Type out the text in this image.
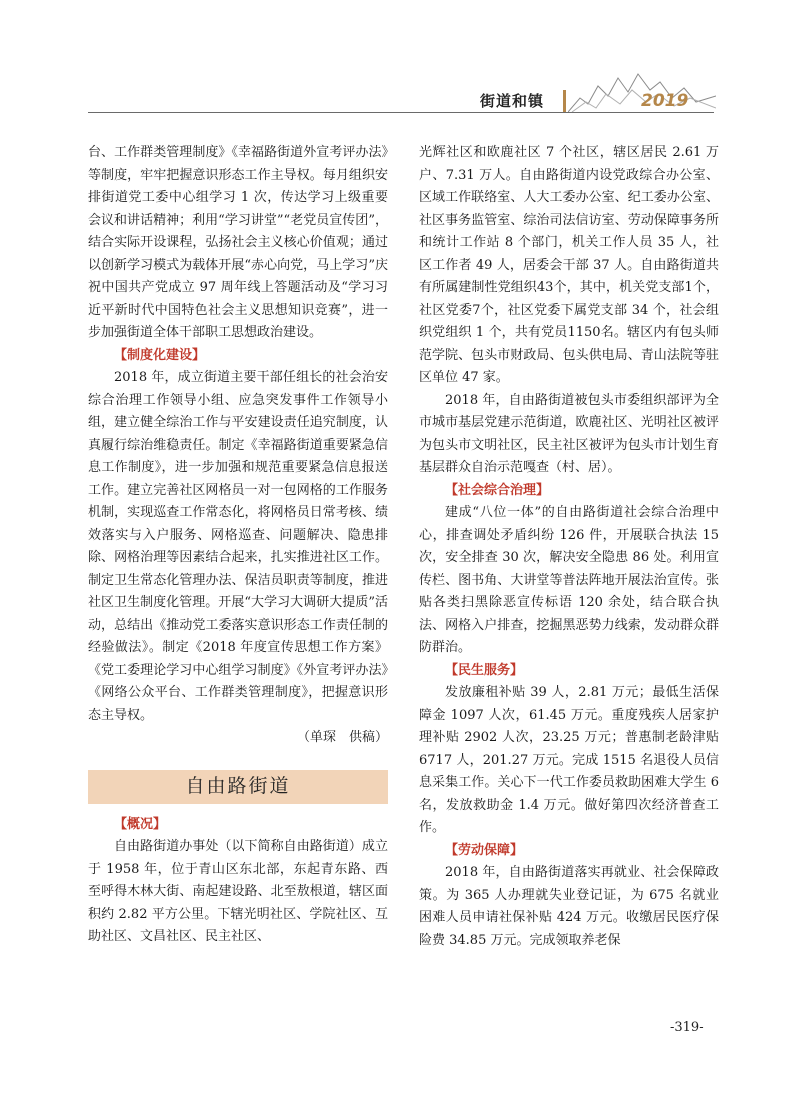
街道和镇	2019

台、工作群类管理制度》《幸福路街道外宣考评办法》等制度，牢牢把握意识形态工作主导权。每月组织安排街道党工委中心组学习 1 次，传达学习上级重要会议和讲话精神；利用“学习讲堂”“老党员宣传团”，结合实际开设课程，弘扬社会主义核心价值观；通过以创新学习模式为载体开展“赤心向党，马上学习”庆祝中国共产党成立 97 周年线上答题活动及“学习习近平新时代中国特色社会主义思想知识竞赛”，进一步加强街道全体干部职工思想政治建设。

【制度化建设】

2018 年，成立街道主要干部任组长的社会治安综合治理工作领导小组、应急突发事件工作领导小组，建立健全综治工作与平安建设责任追究制度，认真履行综治维稳责任。制定《幸福路街道重要紧急信息工作制度》，进一步加强和规范重要紧急信息报送工作。建立完善社区网格员一对一包网格的工作服务机制，实现巡查工作常态化，将网格员日常考核、绩效落实与入户服务、网格巡查、问题解决、隐患排除、网格治理等因素结合起来，扎实推进社区工作。制定卫生常态化管理办法、保洁员职责等制度，推进社区卫生制度化管理。开展“大学习大调研大提质”活动，总结出《推动党工委落实意识形态工作责任制的经验做法》。制定《2018 年度宣传思想工作方案》《党工委理论学习中心组学习制度》《外宣考评办法》《网络公众平台、工作群类管理制度》，把握意识形态主导权。

（单琛　供稿）

自由路街道

【概况】

自由路街道办事处（以下简称自由路街道）成立于 1958 年，位于青山区东北部，东起青东路、西至呼得木林大街、南起建设路、北至敖根道，辖区面积约 2.82 平方公里。下辖光明社区、学院社区、互助社区、文昌社区、民主社区、

光辉社区和欧鹿社区 7 个社区，辖区居民 2.61 万户、7.31 万人。自由路街道内设党政综合办公室、区域工作联络室、人大工委办公室、纪工委办公室、社区事务监管室、综治司法信访室、劳动保障事务所和统计工作站 8 个部门，机关工作人员 35 人，社区工作者 49 人，居委会干部 37 人。自由路街道共有所属建制性党组织43个，其中，机关党支部1个，社区党委7个，社区党委下属党支部 34 个，社会组织党组织 1 个，共有党员1150名。辖区内有包头师范学院、包头市财政局、包头供电局、青山法院等驻区单位 47 家。

2018 年，自由路街道被包头市委组织部评为全市城市基层党建示范街道，欧鹿社区、光明社区被评为包头市文明社区，民主社区被评为包头市计划生育基层群众自治示范嘎查（村、居）。

【社会综合治理】

建成“八位一体”的自由路街道社会综合治理中心，排查调处矛盾纠纷 126 件，开展联合执法 15 次，安全排查 30 次，解决安全隐患 86 处。利用宣传栏、图书角、大讲堂等普法阵地开展法治宣传。张贴各类扫黑除恶宣传标语 120 余处，结合联合执法、网格入户排查，挖掘黑恶势力线索，发动群众群防群治。

【民生服务】

发放廉租补贴 39 人，2.81 万元；最低生活保障金 1097 人次，61.45 万元。重度残疾人居家护理补贴 2902 人次，23.25 万元；普惠制老龄津贴 6717 人，201.27 万元。完成 1515 名退役人员信息采集工作。关心下一代工作委员救助困难大学生 6 名，发放救助金 1.4 万元。做好第四次经济普查工作。

【劳动保障】

2018 年，自由路街道落实再就业、社会保障政策。为 365 人办理就失业登记证，为 675 名就业困难人员申请社保补贴 424 万元。收缴居民医疗保险费 34.85 万元。完成领取养老保

-319-
